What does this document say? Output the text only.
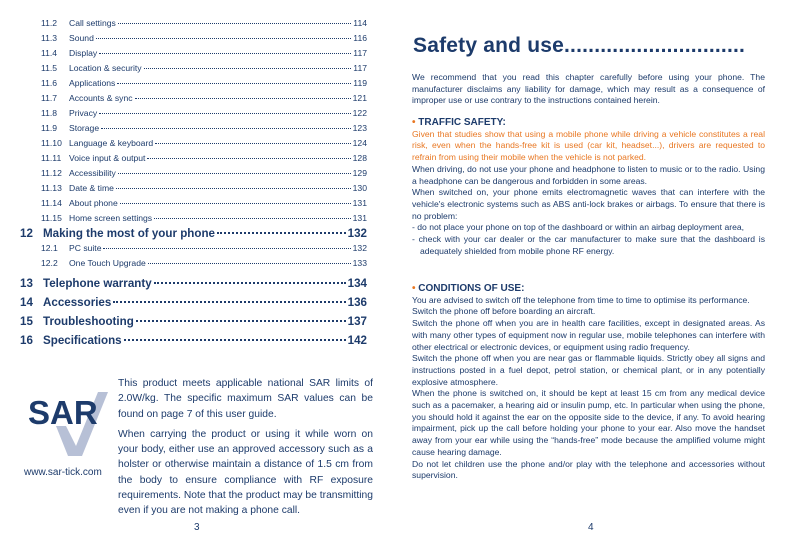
11.2	Call settings	114
11.3	Sound	116
11.4	Display	117
11.5	Location & security	117
11.6	Applications	119
11.7	Accounts & sync	121
11.8	Privacy	122
11.9	Storage	123
11.10 Language & keyboard	124
11.11 Voice input & output	128
11.12 Accessibility	129
11.13 Date & time	130
11.14 About phone	131
11.15 Home screen settings	131
12 Making the most of your phone	132
12.1	PC suite	132
12.2	One Touch Upgrade	133
13 Telephone warranty	134
14 Accessories	136
15 Troubleshooting	137
16 Specifications	142
SAR
www.sar-tick.com

This product meets applicable national SAR limits of 2.0W/kg. The specific maximum SAR values can be found on page 7 of this user guide.

When carrying the product or using it while worn on your body, either use an approved accessory such as a holster or otherwise maintain a distance of 1.5 cm from the body to ensure compliance with RF exposure requirements. Note that the product may be transmitting even if you are not making a phone call.

3
Safety and use..............................

We recommend that you read this chapter carefully before using your phone. The manufacturer disclaims any liability for damage, which may result as a consequence of improper use or use contrary to the instructions contained herein.

• TRAFFIC SAFETY:

Given that studies show that using a mobile phone while driving a vehicle constitutes a real risk, even when the hands-free kit is used (car kit, headset...), drivers are requested to refrain from using their mobile when the vehicle is not parked.

When driving, do not use your phone and headphone to listen to music or to the radio. Using a headphone can be dangerous and forbidden in some areas.

When switched on, your phone emits electromagnetic waves that can interfere with the vehicle's electronic systems such as ABS anti-lock brakes or airbags. To ensure that there is no problem:

- do not place your phone on top of the dashboard or within an airbag deployment area,

- check with your car dealer or the car manufacturer to make sure that the dashboard is adequately shielded from mobile phone RF energy.

• CONDITIONS OF USE:

You are advised to switch off the telephone from time to time to optimise its performance.

Switch the phone off before boarding an aircraft.

Switch the phone off when you are in health care facilities, except in designated areas. As with many other types of equipment now in regular use, mobile telephones can interfere with other electrical or electronic devices, or equipment using radio frequency.

Switch the phone off when you are near gas or flammable liquids. Strictly obey all signs and instructions posted in a fuel depot, petrol station, or chemical plant, or in any potentially explosive atmosphere.

When the phone is switched on, it should be kept at least 15 cm from any medical device such as a pacemaker, a hearing aid or insulin pump, etc. In particular when using the phone, you should hold it against the ear on the opposite side to the device, if any. To avoid hearing impairment, pick up the call before holding your phone to your ear. Also move the handset away from your ear while using the “hands-free” mode because the amplified volume might cause hearing damage.

Do not let children use the phone and/or play with the telephone and accessories without supervision.

4
